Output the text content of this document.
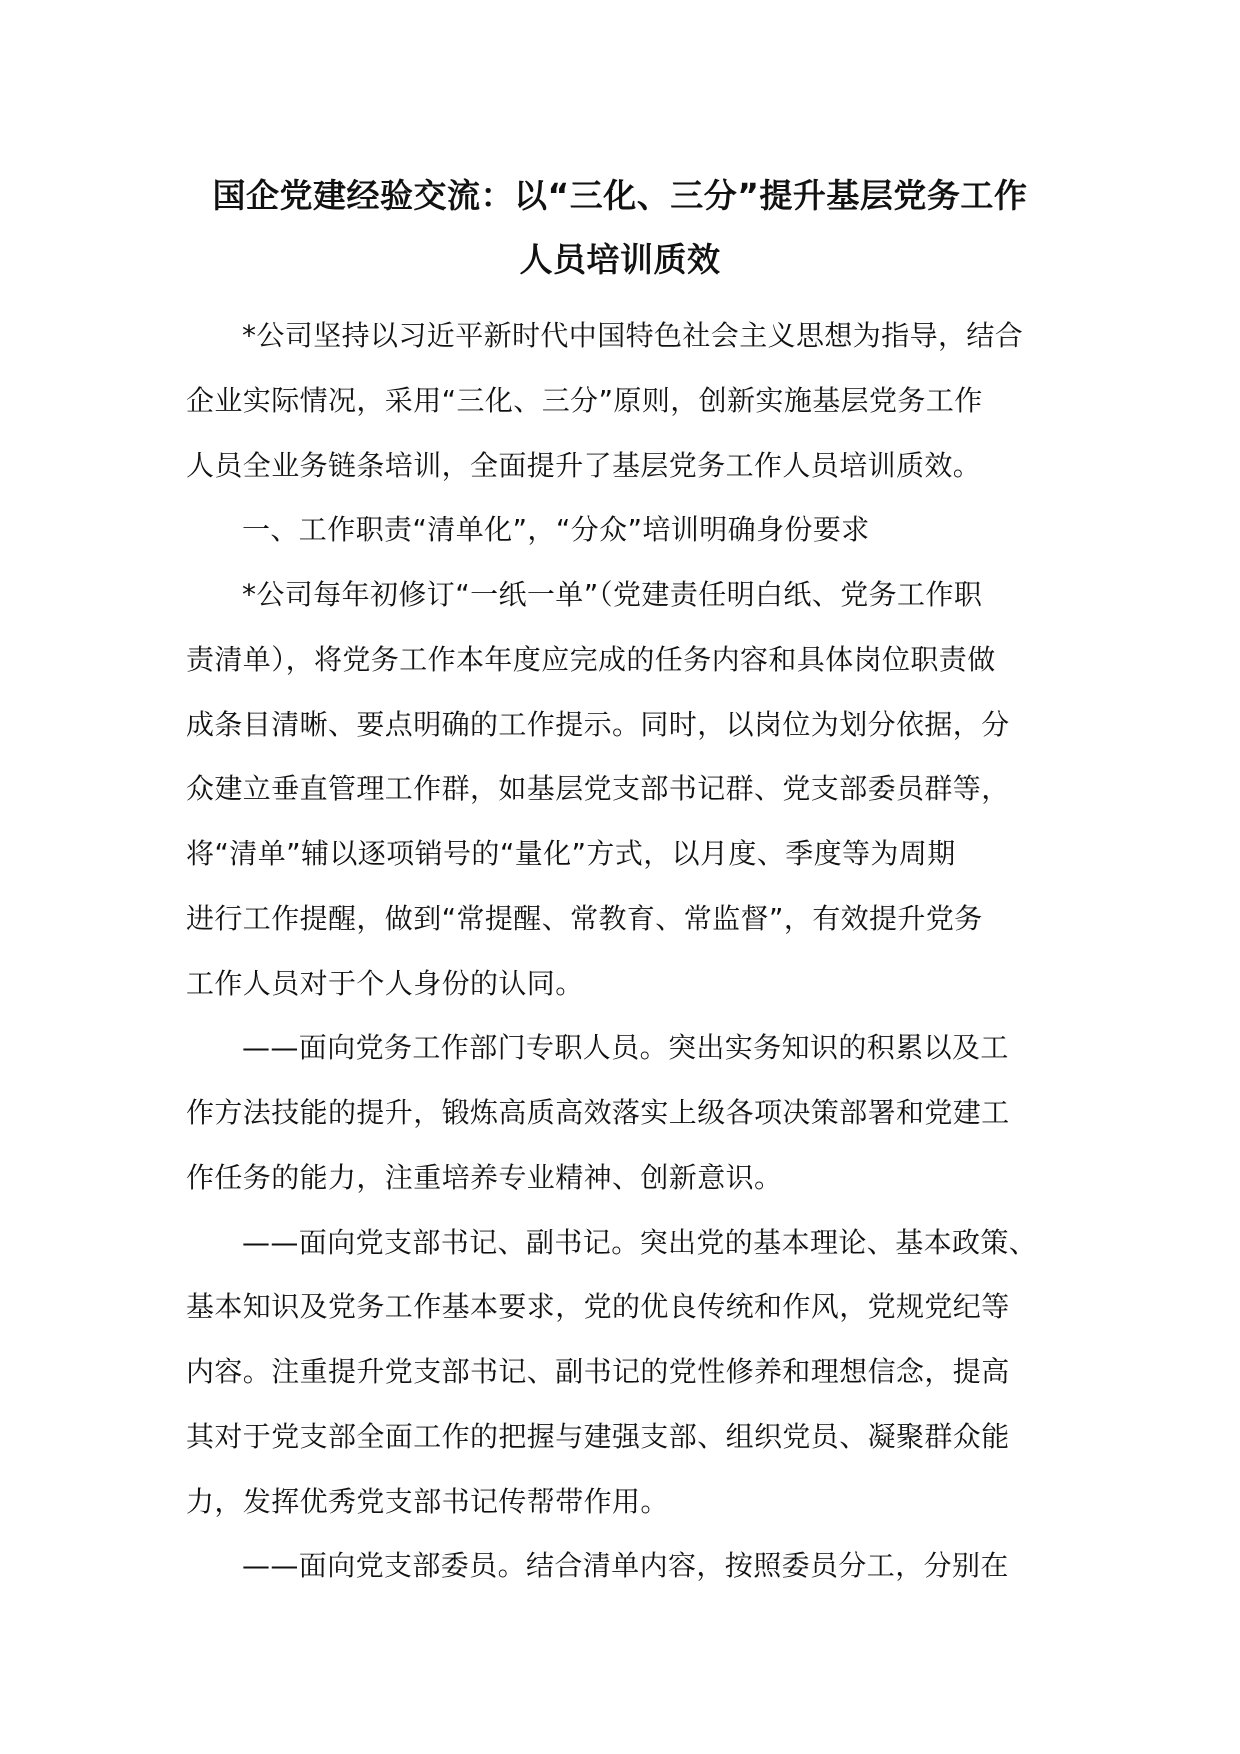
国企党建经验交流：以“三化、三分”提升基层党务工作
人员培训质效
*公司坚持以习近平新时代中国特色社会主义思想为指导，结合
企业实际情况，采用“三化、三分”原则，创新实施基层党务工作
人员全业务链条培训，全面提升了基层党务工作人员培训质效。
一、工作职责“清单化”，“分众”培训明确身份要求
*公司每年初修订“一纸一单”（党建责任明白纸、党务工作职
责清单），将党务工作本年度应完成的任务内容和具体岗位职责做
成条目清晰、要点明确的工作提示。同时，以岗位为划分依据，分
众建立垂直管理工作群，如基层党支部书记群、党支部委员群等，
将“清单”辅以逐项销号的“量化”方式，以月度、季度等为周期
进行工作提醒，做到“常提醒、常教育、常监督”，有效提升党务
工作人员对于个人身份的认同。
——面向党务工作部门专职人员。突出实务知识的积累以及工
作方法技能的提升，锻炼高质高效落实上级各项决策部署和党建工
作任务的能力，注重培养专业精神、创新意识。
——面向党支部书记、副书记。突出党的基本理论、基本政策、
基本知识及党务工作基本要求，党的优良传统和作风，党规党纪等
内容。注重提升党支部书记、副书记的党性修养和理想信念，提高
其对于党支部全面工作的把握与建强支部、组织党员、凝聚群众能
力，发挥优秀党支部书记传帮带作用。
——面向党支部委员。结合清单内容，按照委员分工，分别在
